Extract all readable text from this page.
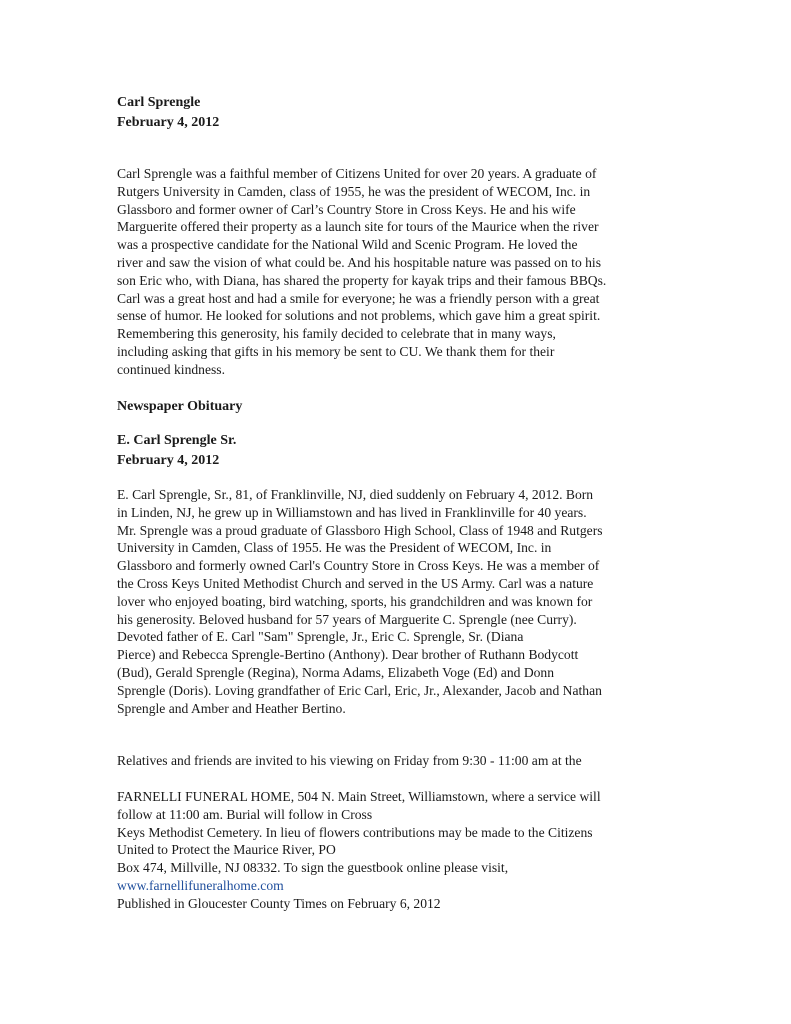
Carl Sprengle
February 4, 2012
Carl Sprengle was a faithful member of Citizens United for over 20 years. A graduate of
Rutgers University in Camden, class of 1955, he was the president of WECOM, Inc. in
Glassboro and former owner of Carl’s Country Store in Cross Keys. He and his wife
Marguerite offered their property as a launch site for tours of the Maurice when the river
was a prospective candidate for the National Wild and Scenic Program. He loved the
river and saw the vision of what could be. And his hospitable nature was passed on to his
son Eric who, with Diana, has shared the property for kayak trips and their famous BBQs.
Carl was a great host and had a smile for everyone; he was a friendly person with a great
sense of humor. He looked for solutions and not problems, which gave him a great spirit.
Remembering this generosity, his family decided to celebrate that in many ways,
including asking that gifts in his memory be sent to CU. We thank them for their
continued kindness.
Newspaper Obituary
E. Carl Sprengle Sr.
February 4, 2012
E. Carl Sprengle, Sr., 81, of Franklinville, NJ, died suddenly on February 4, 2012. Born
in Linden, NJ, he grew up in Williamstown and has lived in Franklinville for 40 years.
Mr. Sprengle was a proud graduate of Glassboro High School, Class of 1948 and Rutgers
University in Camden, Class of 1955. He was the President of WECOM, Inc. in
Glassboro and formerly owned Carl's Country Store in Cross Keys. He was a member of
the Cross Keys United Methodist Church and served in the US Army. Carl was a nature
lover who enjoyed boating, bird watching, sports, his grandchildren and was known for
his generosity. Beloved husband for 57 years of Marguerite C. Sprengle (nee Curry).
Devoted father of E. Carl "Sam" Sprengle, Jr., Eric C. Sprengle, Sr. (Diana
Pierce) and Rebecca Sprengle-Bertino (Anthony). Dear brother of Ruthann Bodycott
(Bud), Gerald Sprengle (Regina), Norma Adams, Elizabeth Voge (Ed) and Donn
Sprengle (Doris). Loving grandfather of Eric Carl, Eric, Jr., Alexander, Jacob and Nathan
Sprengle and Amber and Heather Bertino.
Relatives and friends are invited to his viewing on Friday from 9:30 - 11:00 am at the
FARNELLI FUNERAL HOME, 504 N. Main Street, Williamstown, where a service will
follow at 11:00 am. Burial will follow in Cross
Keys Methodist Cemetery. In lieu of flowers contributions may be made to the Citizens
United to Protect the Maurice River, PO
Box 474, Millville, NJ 08332. To sign the guestbook online please visit,
www.farnellifuneralhome.com
Published in Gloucester County Times on February 6, 2012
